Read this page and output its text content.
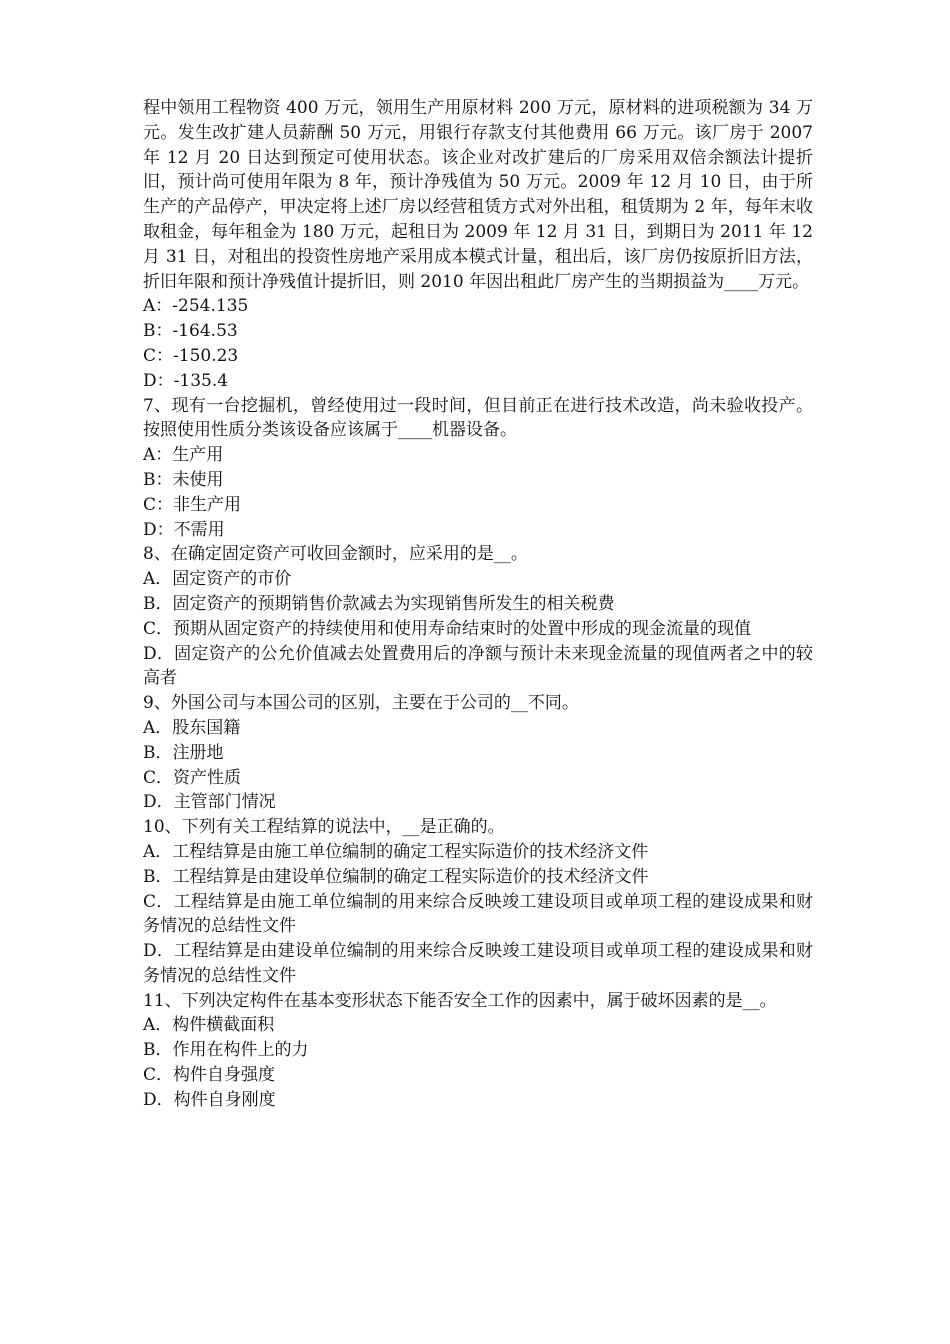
程中领用工程物资 400 万元，领用生产用原材料 200 万元，原材料的进项税额为 34 万元。发生改扩建人员薪酬 50 万元，用银行存款支付其他费用 66 万元。该厂房于 2007 年 12 月 20 日达到预定可使用状态。该企业对改扩建后的厂房采用双倍余额法计提折旧，预计尚可使用年限为 8 年，预计净残值为 50 万元。2009 年 12 月 10 日，由于所生产的产品停产，甲决定将上述厂房以经营租赁方式对外出租，租赁期为 2 年，每年末收取租金，每年租金为 180 万元，起租日为 2009 年 12 月 31 日，到期日为 2011 年 12 月 31 日，对租出的投资性房地产采用成本模式计量，租出后，该厂房仍按原折旧方法，折旧年限和预计净残值计提折旧，则 2010 年因出租此厂房产生的当期损益为____万元。

A：-254.135

B：-164.53

C：-150.23

D：-135.4

7、现有一台挖掘机，曾经使用过一段时间，但目前正在进行技术改造，尚未验收投产。按照使用性质分类该设备应该属于____机器设备。

A：生产用

B：未使用

C：非生产用

D：不需用

8、在确定固定资产可收回金额时，应采用的是__。

A．固定资产的市价

B．固定资产的预期销售价款减去为实现销售所发生的相关税费

C．预期从固定资产的持续使用和使用寿命结束时的处置中形成的现金流量的现值

D．固定资产的公允价值减去处置费用后的净额与预计未来现金流量的现值两者之中的较高者

9、外国公司与本国公司的区别，主要在于公司的__不同。

A．股东国籍

B．注册地

C．资产性质

D．主管部门情况

10、下列有关工程结算的说法中，__是正确的。

A．工程结算是由施工单位编制的确定工程实际造价的技术经济文件

B．工程结算是由建设单位编制的确定工程实际造价的技术经济文件

C．工程结算是由施工单位编制的用来综合反映竣工建设项目或单项工程的建设成果和财务情况的总结性文件

D．工程结算是由建设单位编制的用来综合反映竣工建设项目或单项工程的建设成果和财务情况的总结性文件

11、下列决定构件在基本变形状态下能否安全工作的因素中，属于破坏因素的是__。

A．构件横截面积

B．作用在构件上的力

C．构件自身强度

D．构件自身刚度
